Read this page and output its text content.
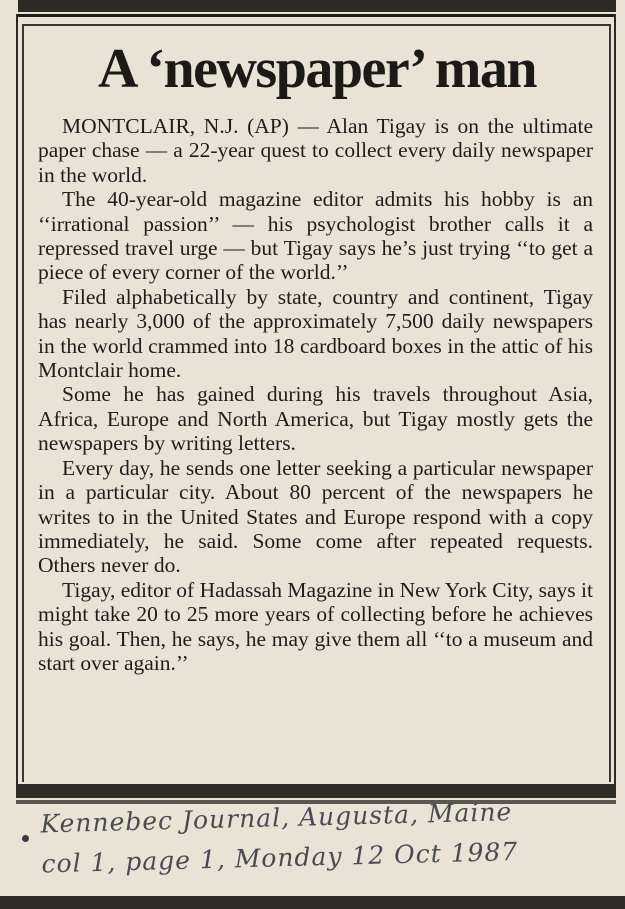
A ‘newspaper’ man

MONTCLAIR, N.J. (AP) — Alan Tigay is on the ultimate paper chase — a 22-year quest to collect every daily newspaper in the world.

The 40-year-old magazine editor admits his hobby is an ‘‘irrational passion’’ — his psychologist brother calls it a repressed travel urge — but Tigay says he’s just trying ‘‘to get a piece of every corner of the world.’’

Filed alphabetically by state, country and continent, Tigay has nearly 3,000 of the approximately 7,500 daily newspapers in the world crammed into 18 cardboard boxes in the attic of his Montclair home.

Some he has gained during his travels throughout Asia, Africa, Europe and North America, but Tigay mostly gets the newspapers by writing letters.

Every day, he sends one letter seeking a particular newspaper in a particular city. About 80 percent of the newspapers he writes to in the United States and Europe respond with a copy immediately, he said. Some come after repeated requests. Others never do.

Tigay, editor of Hadassah Magazine in New York City, says it might take 20 to 25 more years of collecting before he achieves his goal. Then, he says, he may give them all ‘‘to a museum and start over again.’’

Kennebec Journal, Augusta, Maine
col 1, page 1, Monday 12 Oct 1987
